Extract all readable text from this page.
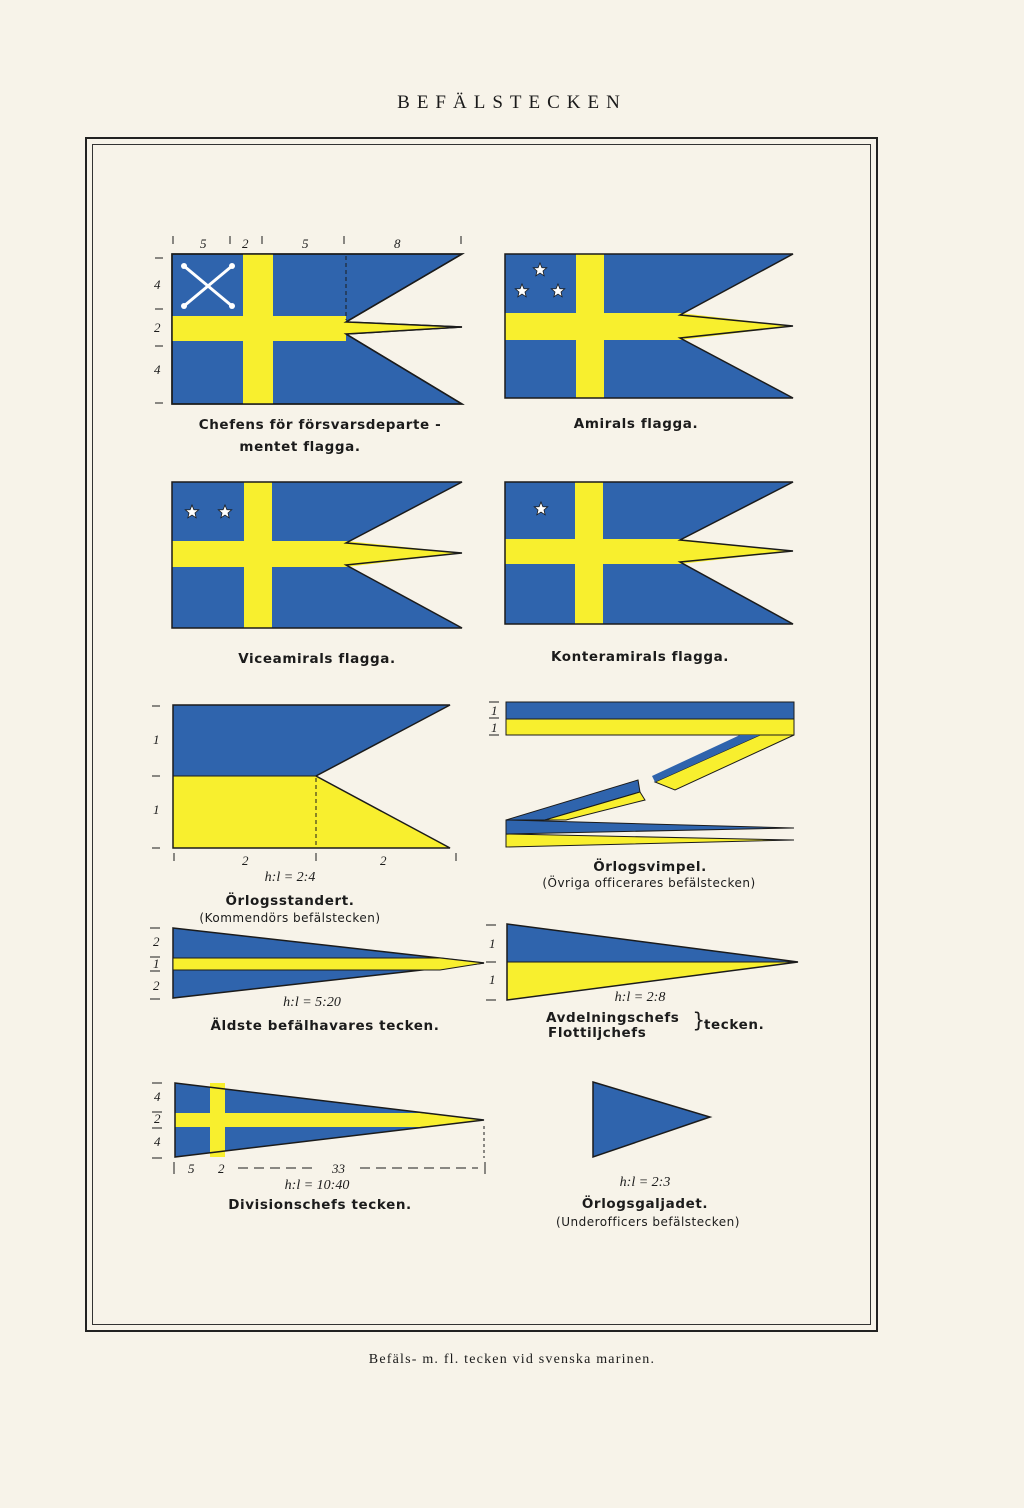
BEFÄLSTECKEN
5	2	5	8
4
2
4
1
1
2	2
1
1
2
1
2
1
1
4
2
4
5 2	33
Chefens för försvarsdeparte -
mentet flagga.
Amirals flagga.
Viceamirals flagga.	Konteramirals flagga.
h:l = 2:4
Örlogsstandert.
(Kommendörs befälstecken)
Örlogsvimpel.
(Övriga officerares befälstecken)
h:l = 5:20
Äldste befälhavares tecken.
h:l = 2:8
Avdelningschefs
Flottiljchefs
}
tecken.
h:l = 10:40
Divisionschefs tecken.
h:l = 2:3
Örlogsgaljadet.
(Underofficers befälstecken)
Befäls- m. fl. tecken vid svenska marinen.
